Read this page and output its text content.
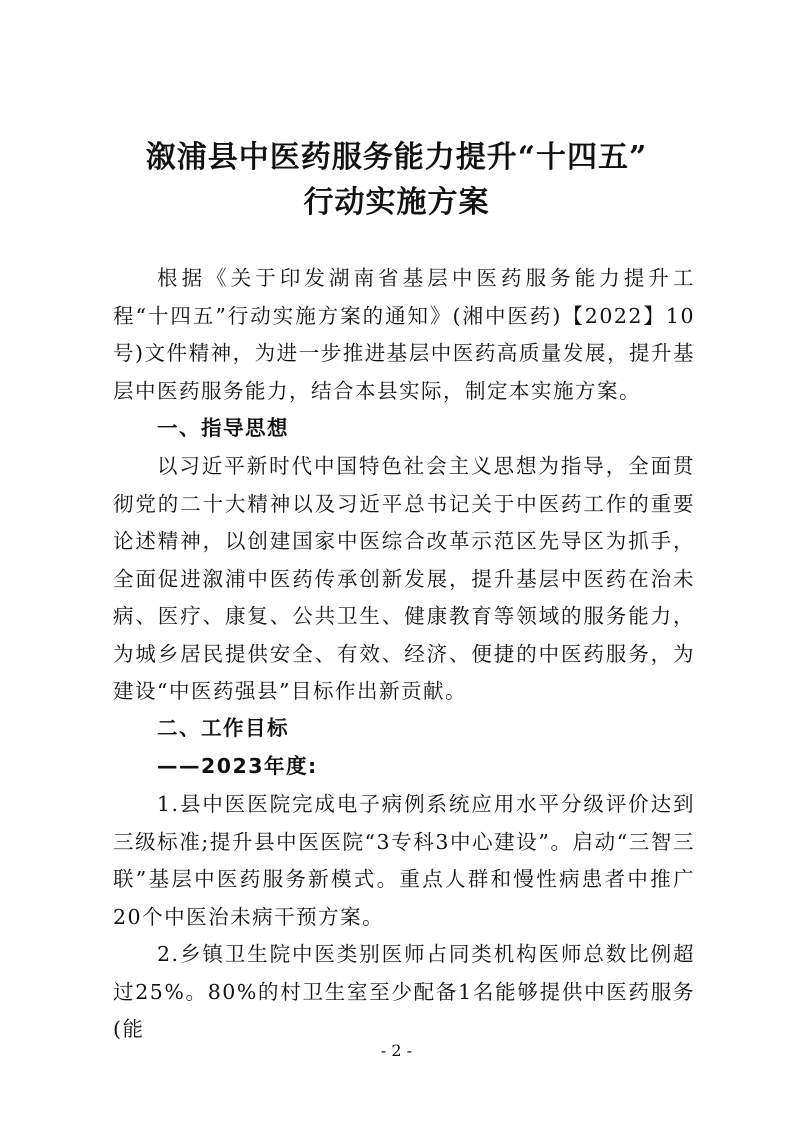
溆浦县中医药服务能力提升“十四五”
行动实施方案

根据《关于印发湖南省基层中医药服务能力提升工程“十四五”行动实施方案的通知》(湘中医药)【2022】10号)文件精神，为进一步推进基层中医药高质量发展，提升基层中医药服务能力，结合本县实际，制定本实施方案。

一、指导思想

以习近平新时代中国特色社会主义思想为指导，全面贯彻党的二十大精神以及习近平总书记关于中医药工作的重要论述精神，以创建国家中医综合改革示范区先导区为抓手，全面促进溆浦中医药传承创新发展，提升基层中医药在治未病、医疗、康复、公共卫生、健康教育等领域的服务能力，为城乡居民提供安全、有效、经济、便捷的中医药服务，为建设“中医药强县”目标作出新贡献。

二、工作目标

——2023年度:

1.县中医医院完成电子病例系统应用水平分级评价达到三级标准;提升县中医医院“3专科3中心建设”。启动“三智三联”基层中医药服务新模式。重点人群和慢性病患者中推广20个中医治未病干预方案。

2.乡镇卫生院中医类别医师占同类机构医师总数比例超过25%。80%的村卫生室至少配备1名能够提供中医药服务(能

- 2 -
